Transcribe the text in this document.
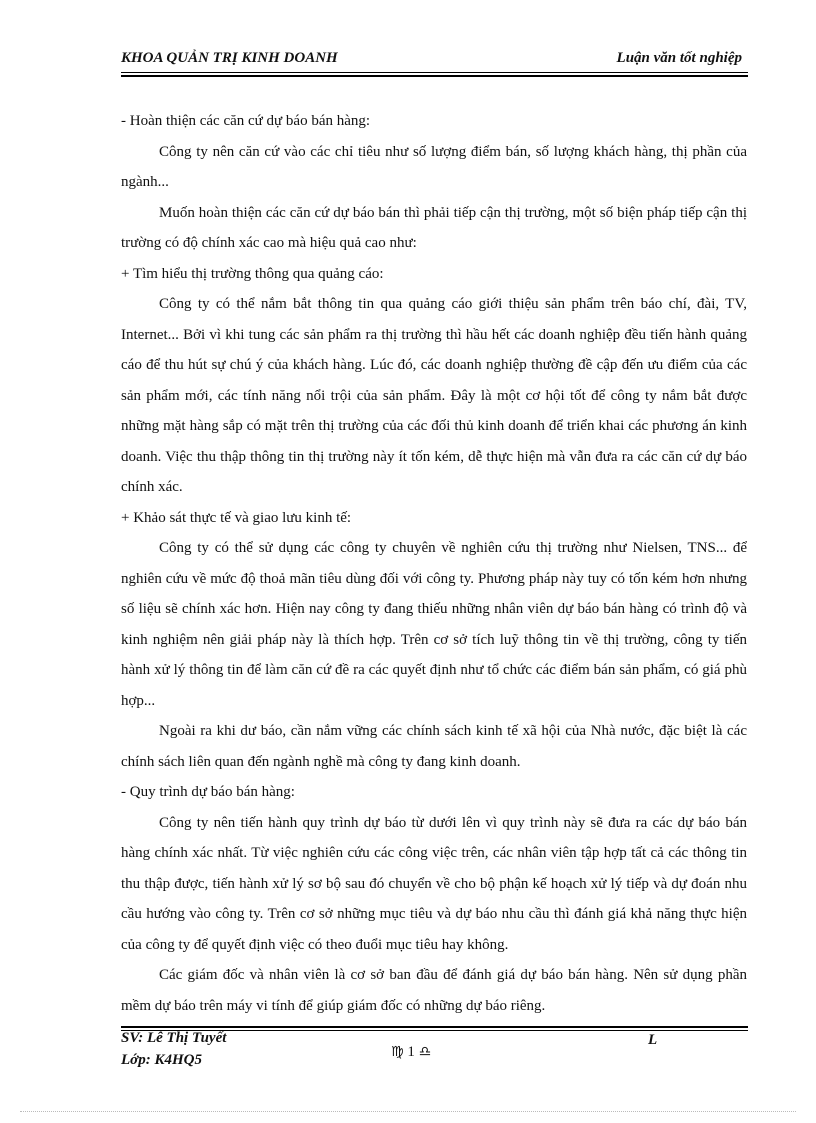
KHOA QUẢN TRỊ KINH DOANH	Luận văn tốt nghiệp

- Hoàn thiện các căn cứ dự báo bán hàng:

Công ty nên căn cứ vào các chỉ tiêu như số lượng điểm bán, số lượng khách hàng, thị phần của ngành...

Muốn hoàn thiện các căn cứ dự báo bán thì phải tiếp cận thị trường, một số biện pháp tiếp cận thị trường có độ chính xác cao mà hiệu quả cao như:

+ Tìm hiểu thị trường thông qua quảng cáo:

Công ty có thể nắm bắt thông tin qua quảng cáo giới thiệu sản phẩm trên báo chí, đài, TV, Internet... Bởi vì khi tung các sản phẩm ra thị trường thì hầu hết các doanh nghiệp đều tiến hành quảng cáo để thu hút sự chú ý của khách hàng. Lúc đó, các doanh nghiệp thường đề cập đến ưu điểm của các sản phẩm mới, các tính năng nổi trội của sản phẩm. Đây là một cơ hội tốt để công ty nắm bắt được những mặt hàng sắp có mặt trên thị trường của các đối thủ kinh doanh để triển khai các phương án kinh doanh. Việc thu thập thông tin thị trường này ít tốn kém, dễ thực hiện mà vẫn đưa ra các căn cứ dự báo chính xác.

+ Khảo sát thực tế và giao lưu kinh tế:

Công ty có thể sử dụng các công ty chuyên về nghiên cứu thị trường như Nielsen, TNS... để nghiên cứu về mức độ thoả mãn tiêu dùng đối với công ty. Phương pháp này tuy có tốn kém hơn nhưng số liệu sẽ chính xác hơn. Hiện nay công ty đang thiếu những nhân viên dự báo bán hàng có trình độ và kinh nghiệm nên giải pháp này là thích hợp. Trên cơ sở tích luỹ thông tin về thị trường, công ty tiến hành xử lý thông tin để làm căn cứ đề ra các quyết định như tổ chức các điểm bán sản phẩm, có giá phù hợp...

Ngoài ra khi dư báo, cần nắm vững các chính sách kinh tế xã hội của Nhà nước, đặc biệt là các chính sách liên quan đến ngành nghề mà công ty đang kinh doanh.

- Quy trình dự báo bán hàng:

Công ty nên tiến hành quy trình dự báo từ dưới lên vì quy trình này sẽ đưa ra các dự báo bán hàng chính xác nhất. Từ việc nghiên cứu các công việc trên, các nhân viên tập hợp tất cả các thông tin thu thập được, tiến hành xử lý sơ bộ sau đó chuyển về cho bộ phận kế hoạch xử lý tiếp và dự đoán nhu cầu hướng vào công ty. Trên cơ sở những mục tiêu và dự báo nhu cầu thì đánh giá khả năng thực hiện của công ty để quyết định việc có theo đuổi mục tiêu hay không.

Các giám đốc và nhân viên là cơ sở ban đầu để đánh giá dự báo bán hàng. Nên sử dụng phần mềm dự báo trên máy vi tính để giúp giám đốc có những dự báo riêng.

SV: Lê Thị Tuyết
Lớp: K4HQ5
L
♍ 1 ♎
